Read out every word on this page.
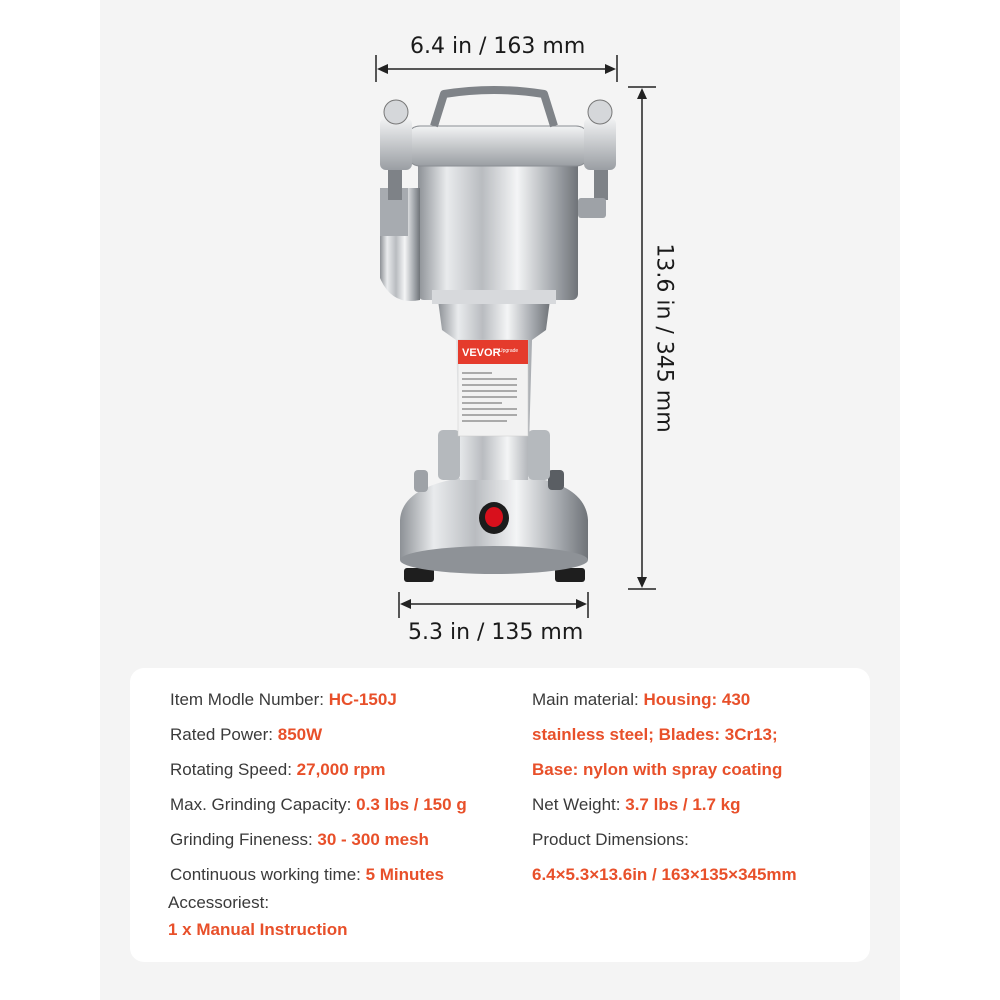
VEVOR
Upgrade
6.4 in / 163 mm
13.6 in / 345 mm
5.3 in / 135 mm
Item Modle Number: HC-150J
Rated Power: 850W
Rotating Speed: 27,000 rpm
Max. Grinding Capacity: 0.3 lbs / 150 g
Grinding Fineness: 30 - 300 mesh
Continuous working time: 5 Minutes
Accessoriest:
1 x Manual Instruction
Main material: Housing: 430
stainless steel; Blades: 3Cr13;
Base: nylon with spray coating
Net Weight: 3.7 lbs / 1.7 kg
Product Dimensions:
6.4×5.3×13.6in / 163×135×345mm
